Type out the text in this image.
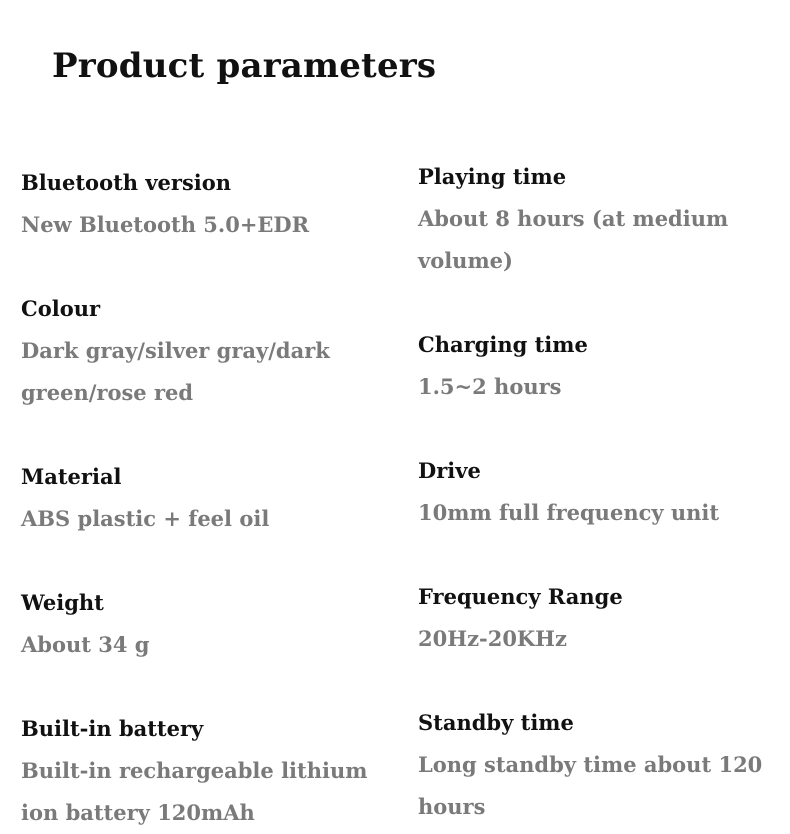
Product parameters
Bluetooth version
New Bluetooth 5.0+EDR
Colour
Dark gray/silver gray/dark green/rose red
Material
ABS plastic + feel oil
Weight
About 34 g
Built-in battery
Built-in rechargeable lithium ion battery 120mAh
Playing time
About 8 hours (at medium volume)
Charging time
1.5~2 hours
Drive
10mm full frequency unit
Frequency Range
20Hz-20KHz
Standby time
Long standby time about 120 hours
